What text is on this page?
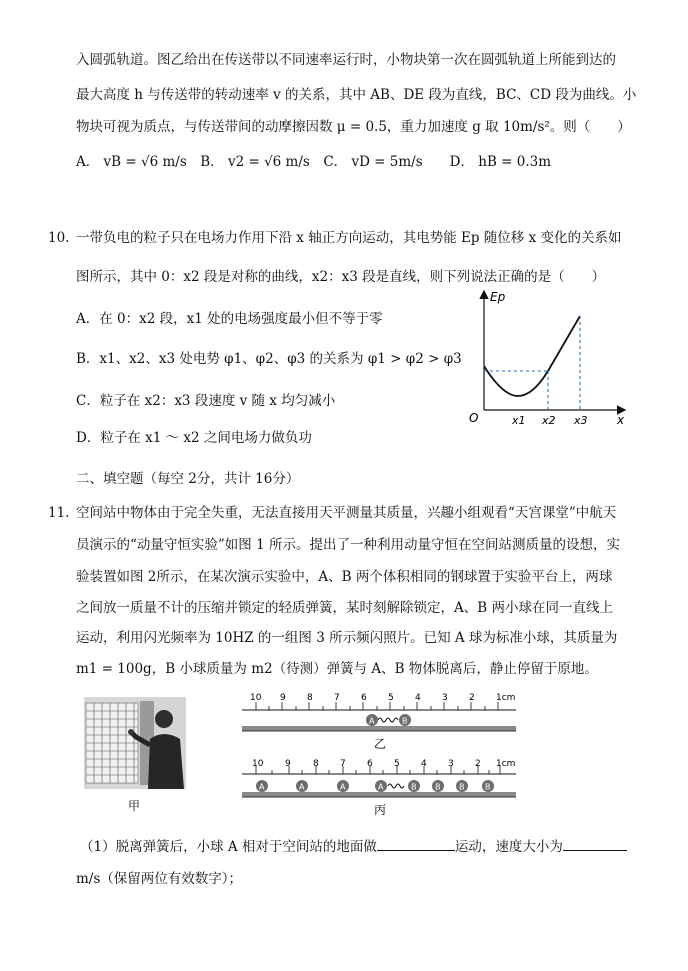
入圆弧轨道。图乙给出在传送带以不同速率运行时，小物块第一次在圆弧轨道上所能到达的
最大高度 h 与传送带的转动速率 v 的关系，其中 AB、DE 段为直线，BC、CD 段为曲线。小
物块可视为质点，与传送带间的动摩擦因数 μ = 0.5，重力加速度 g 取 10m/s²。则（　　）
A． vB = √6 m/s　B． v2 = √6 m/s　C． vD = 5m/s　　D． hB = 0.3m
10. 一带负电的粒子只在电场力作用下沿 x 轴正方向运动，其电势能 Ep 随位移 x 变化的关系如
图所示，其中 0：x2 段是对称的曲线，x2：x3 段是直线，则下列说法正确的是（　　）
A．在 0：x2 段，x1 处的电场强度最小但不等于零
B．x1、x2、x3 处电势 φ1、φ2、φ3 的关系为 φ1 > φ2 > φ3
C．粒子在 x2：x3 段速度 v 随 x 均匀减小
D．粒子在 x1 ～ x2 之间电场力做负功
Ep
O	x
x1 x2 x3
二、填空题（每空 2分，共计 16分）
11. 空间站中物体由于完全失重，无法直接用天平测量其质量，兴趣小组观看“天宫课堂”中航天
员演示的“动量守恒实验”如图 1 所示。提出了一种利用动量守恒在空间站测质量的设想，实
验装置如图 2所示，在某次演示实验中，A、B 两个体积相同的钢球置于实验平台上，两球
之间放一质量不计的压缩并锁定的轻质弹簧，某时刻解除锁定，A、B 两小球在同一直线上
运动，利用闪光频率为 10HZ 的一组图 3 所示频闪照片。已知 A 球为标准小球，其质量为
m1 = 100g，B 小球质量为 m2（待测）弹簧与 A、B 物体脱离后，静止停留于原地。
甲
10 9 8 7 6 5 4 3 2 1cm
A	B
乙
10 9 8 7 6 5 4 3 2 1cm
A	A	A	A	B B B	B
丙
（1）脱离弹簧后，小球 A 相对于空间站的地面做	运动，速度大小为
m/s（保留两位有效数字）；
